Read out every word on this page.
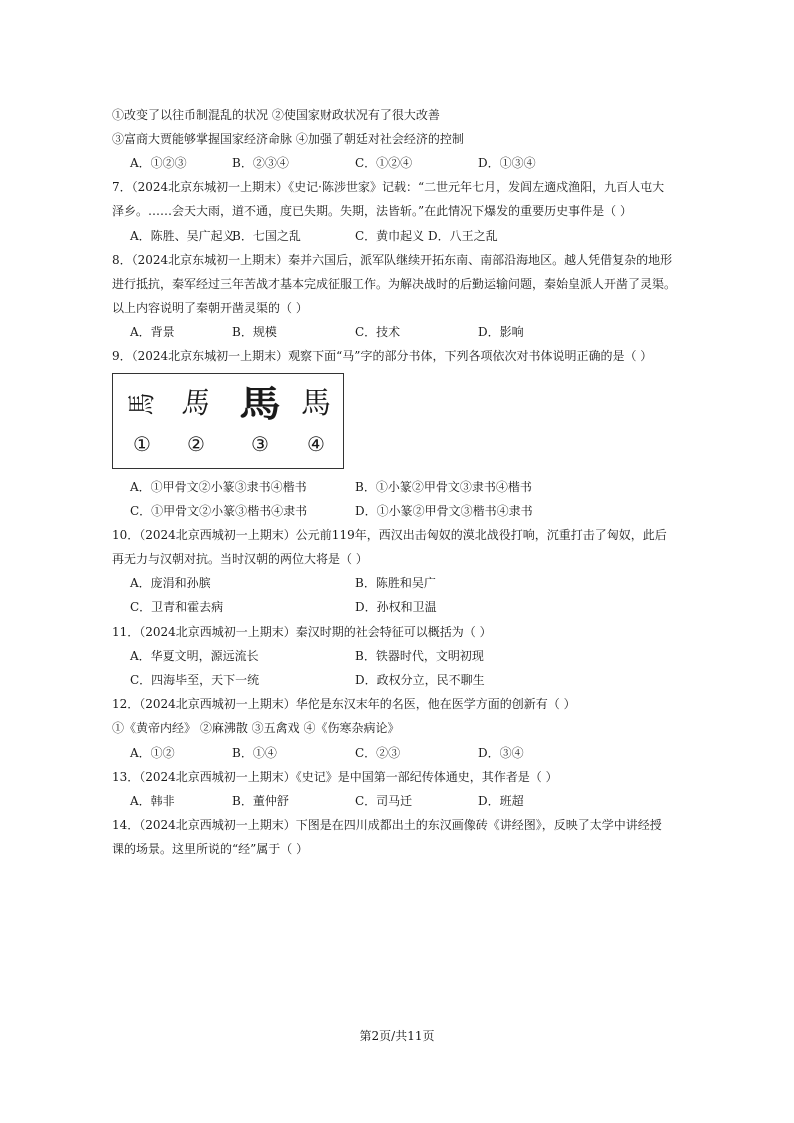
①改变了以往币制混乱的状况 ②使国家财政状况有了很大改善
③富商大贾能够掌握国家经济命脉 ④加强了朝廷对社会经济的控制
A．①②③	B．②③④	C．①②④	D．①③④
7．（2024北京东城初一上期末）《史记·陈涉世家》记载：“二世元年七月，发闾左適戍渔阳，九百人屯大
泽乡。……会天大雨，道不通，度已失期。失期，法皆斩。”在此情况下爆发的重要历史事件是（ ）
A．陈胜、吴广起义
B．七国之乱	C．黄巾起义 D．八王之乱
8．（2024北京东城初一上期末）秦并六国后，派军队继续开拓东南、南部沿海地区。越人凭借复杂的地形
进行抵抗，秦军经过三年苦战才基本完成征服工作。为解决战时的后勤运输问题，秦始皇派人开凿了灵渠。
以上内容说明了秦朝开凿灵渠的（ ）
A．背景	B．规模	C．技术	D．影响
9．（2024北京东城初一上期末）观察下面“马”字的部分书体，下列各项依次对书体说明正确的是（ ）
馬 馬 馬 馬
①	②	③	④
A．①甲骨文②小篆③隶书④楷书	B．①小篆②甲骨文③隶书④楷书
C．①甲骨文②小篆③楷书④隶书	D．①小篆②甲骨文③楷书④隶书
10．（2024北京西城初一上期末）公元前119年，西汉出击匈奴的漠北战役打响，沉重打击了匈奴，此后
再无力与汉朝对抗。当时汉朝的两位大将是（ ）
A．庞涓和孙膑	B．陈胜和吴广
C．卫青和霍去病	D．孙权和卫温
11．（2024北京西城初一上期末）秦汉时期的社会特征可以概括为（ ）
A．华夏文明，源远流长	B．铁器时代，文明初现
C．四海毕至，天下一统	D．政权分立，民不聊生
12．（2024北京西城初一上期末）华佗是东汉末年的名医，他在医学方面的创新有（ ）
①《黄帝内经》 ②麻沸散 ③五禽戏 ④《伤寒杂病论》
A．①②	B．①④	C．②③	D．③④
13．（2024北京西城初一上期末）《史记》是中国第一部纪传体通史，其作者是（ ）
A．韩非	B．董仲舒	C．司马迁	D．班超
14．（2024北京西城初一上期末）下图是在四川成都出土的东汉画像砖《讲经图》，反映了太学中讲经授
课的场景。这里所说的“经”属于（ ）
第2页/共11页
